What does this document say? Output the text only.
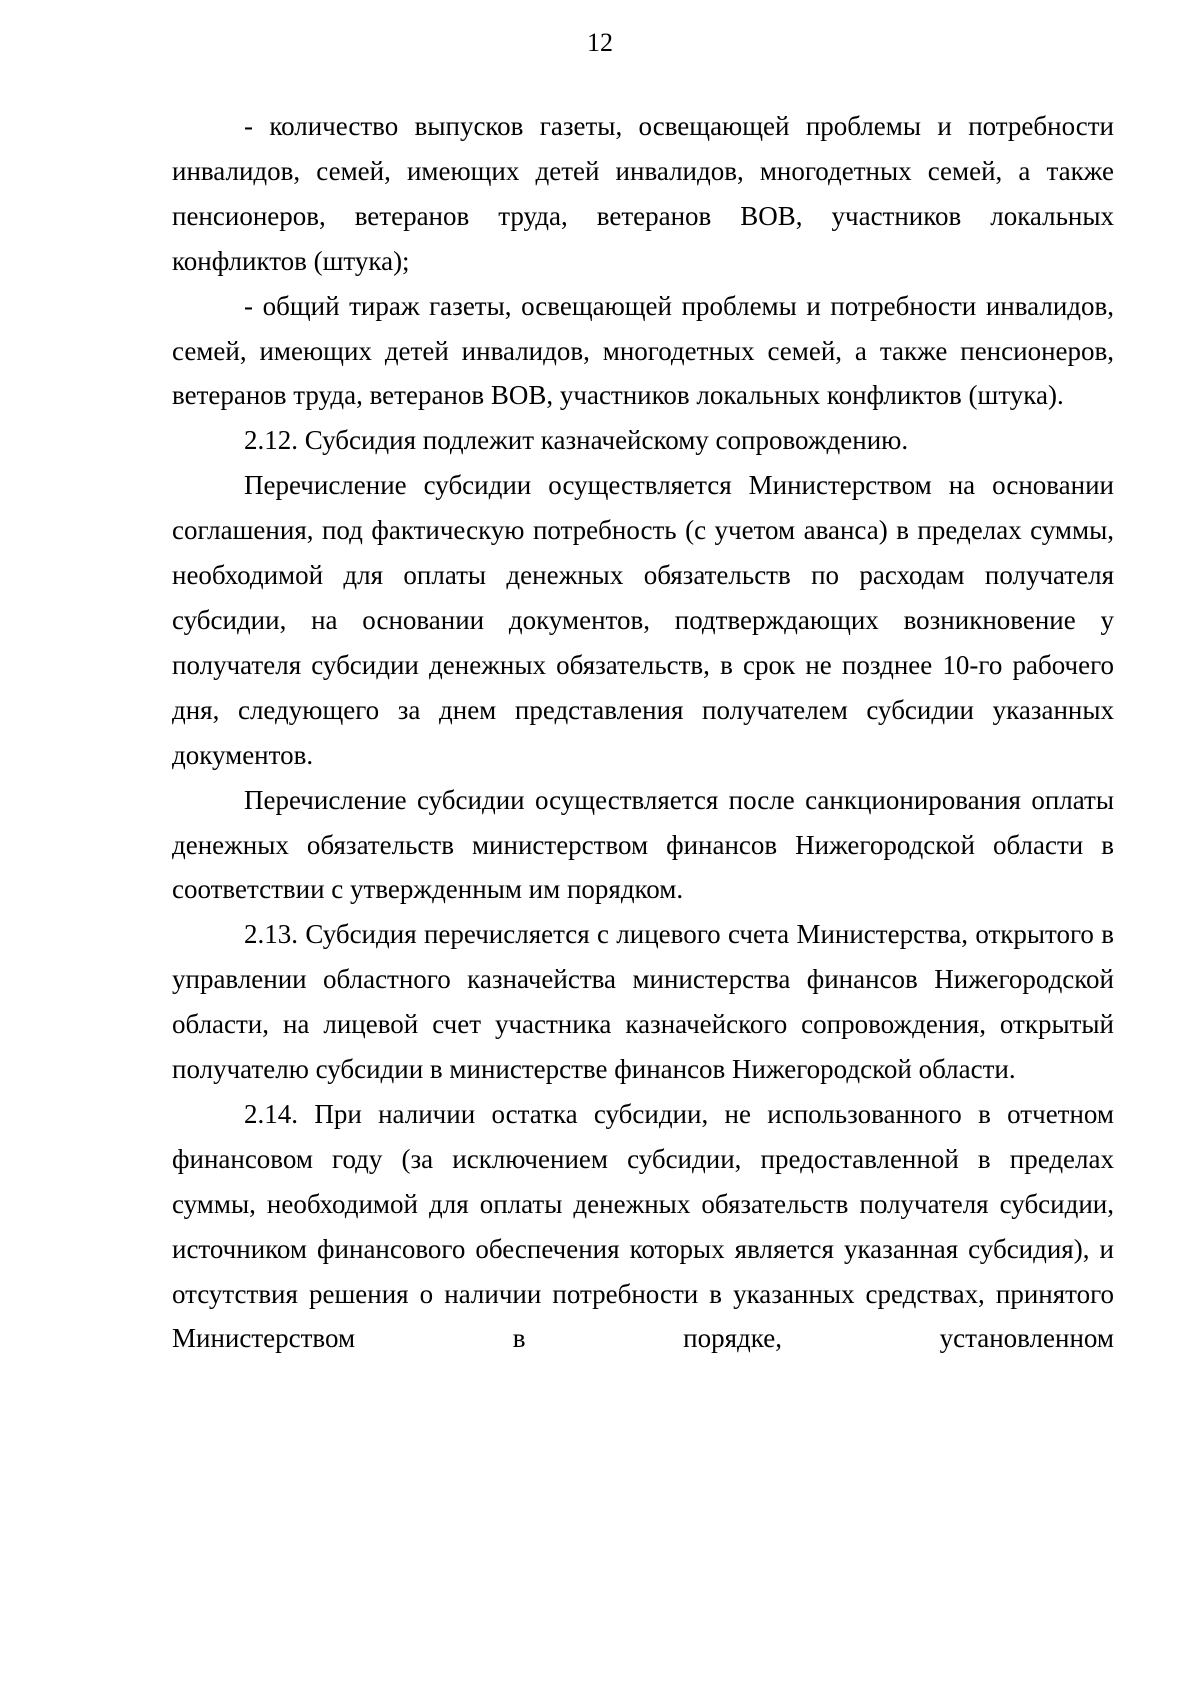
12

- количество выпусков газеты, освещающей проблемы и потребности инвалидов, семей, имеющих детей инвалидов, многодетных семей, а также пенсионеров, ветеранов труда, ветеранов ВОВ, участников локальных конфликтов (штука);

- общий тираж газеты, освещающей проблемы и потребности инвалидов, семей, имеющих детей инвалидов, многодетных семей, а также пенсионеров, ветеранов труда, ветеранов ВОВ, участников локальных конфликтов (штука).

2.12. Субсидия подлежит казначейскому сопровождению.

Перечисление субсидии осуществляется Министерством на основании соглашения, под фактическую потребность (с учетом аванса) в пределах суммы, необходимой для оплаты денежных обязательств по расходам получателя субсидии, на основании документов, подтверждающих возникновение у получателя субсидии денежных обязательств, в срок не позднее 10-го рабочего дня, следующего за днем представления получателем субсидии указанных документов.

Перечисление субсидии осуществляется после санкционирования оплаты денежных обязательств министерством финансов Нижегородской области в соответствии с утвержденным им порядком.

2.13. Субсидия перечисляется с лицевого счета Министерства, открытого в управлении областного казначейства министерства финансов Нижегородской области, на лицевой счет участника казначейского сопровождения, открытый получателю субсидии в министерстве финансов Нижегородской области.

2.14. При наличии остатка субсидии, не использованного в отчетном финансовом году (за исключением субсидии, предоставленной в пределах суммы, необходимой для оплаты денежных обязательств получателя субсидии, источником финансового обеспечения которых является указанная субсидия), и отсутствия решения о наличии потребности в указанных средствах, принятого Министерством в порядке, установленном
